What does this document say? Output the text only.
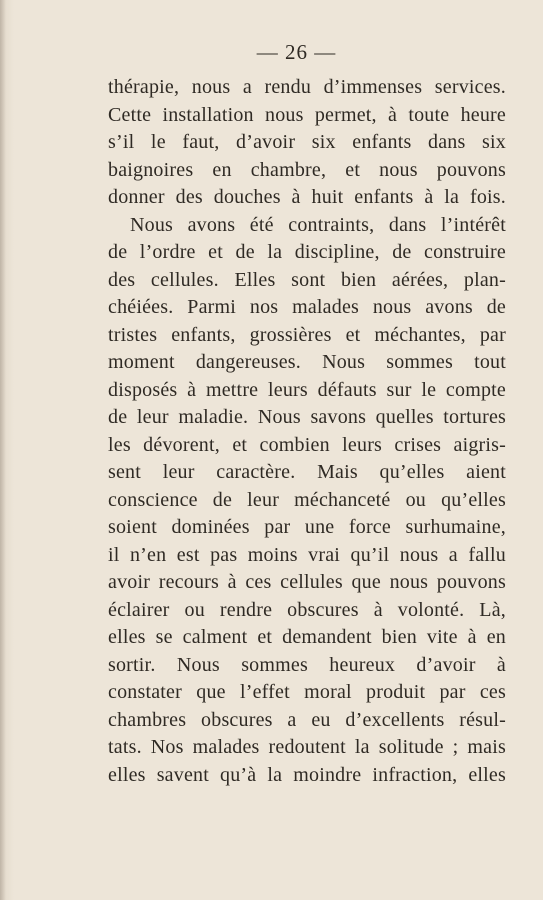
— 26 —
thérapie, nous a rendu d’immenses services.
Cette installation nous permet, à toute heure
s’il le faut, d’avoir six enfants dans six
baignoires en chambre, et nous pouvons
donner des douches à huit enfants à la fois.
Nous avons été contraints, dans l’intérêt
de l’ordre et de la discipline, de construire
des cellules. Elles sont bien aérées, plan-
chéiées. Parmi nos malades nous avons de
tristes enfants, grossières et méchantes, par
moment dangereuses. Nous sommes tout
disposés à mettre leurs défauts sur le compte
de leur maladie. Nous savons quelles tortures
les dévorent, et combien leurs crises aigris-
sent leur caractère. Mais qu’elles aient
conscience de leur méchanceté ou qu’elles
soient dominées par une force surhumaine,
il n’en est pas moins vrai qu’il nous a fallu
avoir recours à ces cellules que nous pouvons
éclairer ou rendre obscures à volonté. Là,
elles se calment et demandent bien vite à en
sortir. Nous sommes heureux d’avoir à
constater que l’effet moral produit par ces
chambres obscures a eu d’excellents résul-
tats. Nos malades redoutent la solitude ; mais
elles savent qu’à la moindre infraction, elles
